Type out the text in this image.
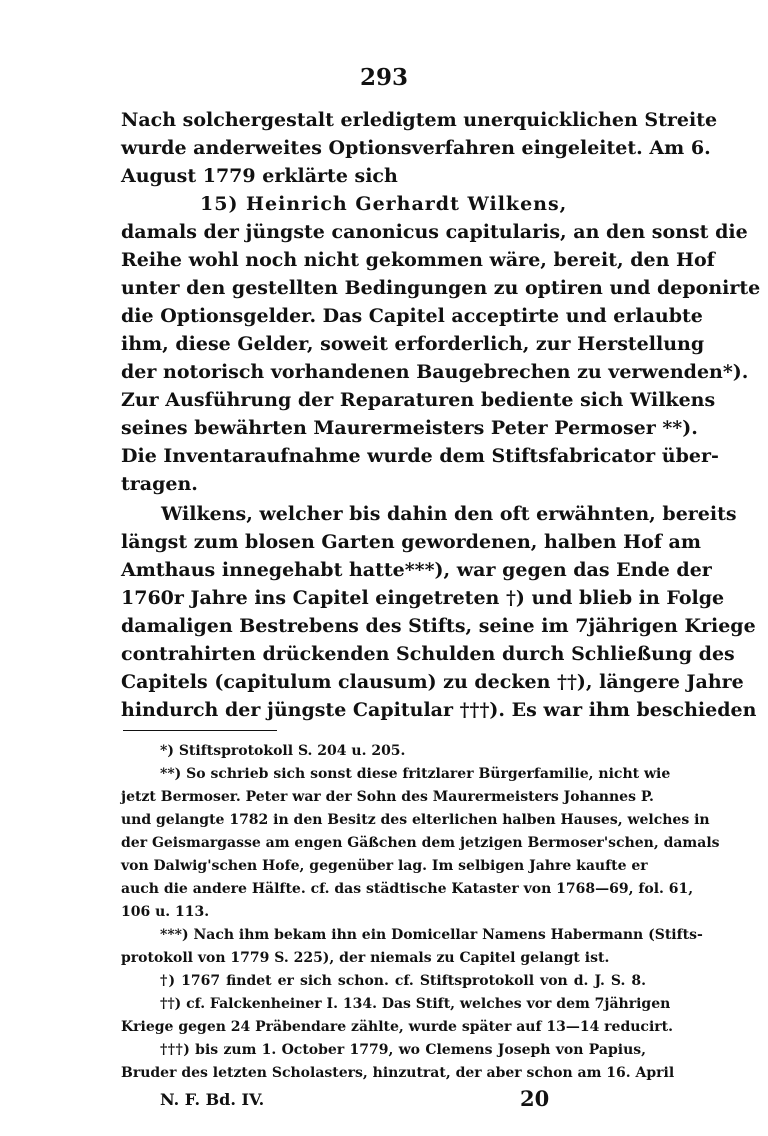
293
Nach solchergestalt erledigtem unerquicklichen Streite
wurde anderweites Optionsverfahren eingeleitet. Am 6.
August 1779 erklärte sich
15) Heinrich Gerhardt Wilkens,
damals der jüngste canonicus capitularis, an den sonst die
Reihe wohl noch nicht gekommen wäre, bereit, den Hof
unter den gestellten Bedingungen zu optiren und deponirte
die Optionsgelder. Das Capitel acceptirte und erlaubte
ihm, diese Gelder, soweit erforderlich, zur Herstellung
der notorisch vorhandenen Baugebrechen zu verwenden*).
Zur Ausführung der Reparaturen bediente sich Wilkens
seines bewährten Maurermeisters Peter Permoser **).
Die Inventaraufnahme wurde dem Stiftsfabricator über-
tragen.
Wilkens, welcher bis dahin den oft erwähnten, bereits
längst zum blosen Garten gewordenen, halben Hof am
Amthaus innegehabt hatte***), war gegen das Ende der
1760r Jahre ins Capitel eingetreten †) und blieb in Folge
damaligen Bestrebens des Stifts, seine im 7jährigen Kriege
contrahirten drückenden Schulden durch Schließung des
Capitels (capitulum clausum) zu decken ††), längere Jahre
hindurch der jüngste Capitular †††). Es war ihm beschieden
*) Stiftsprotokoll S. 204 u. 205.
**) So schrieb sich sonst diese fritzlarer Bürgerfamilie, nicht wie
jetzt Bermoser. Peter war der Sohn des Maurermeisters Johannes P.
und gelangte 1782 in den Besitz des elterlichen halben Hauses, welches in
der Geismargasse am engen Gäßchen dem jetzigen Bermoser'schen, damals
von Dalwig'schen Hofe, gegenüber lag. Im selbigen Jahre kaufte er
auch die andere Hälfte. cf. das städtische Kataster von 1768—69, fol. 61,
106 u. 113.
***) Nach ihm bekam ihn ein Domicellar Namens Habermann (Stifts-
protokoll von 1779 S. 225), der niemals zu Capitel gelangt ist.
†) 1767 findet er sich schon. cf. Stiftsprotokoll von d. J. S. 8.
††) cf. Falckenheiner I. 134. Das Stift, welches vor dem 7jährigen
Kriege gegen 24 Präbendare zählte, wurde später auf 13—14 reducirt.
†††) bis zum 1. October 1779, wo Clemens Joseph von Papius,
Bruder des letzten Scholasters, hinzutrat, der aber schon am 16. April
N. F. Bd. IV.	20
